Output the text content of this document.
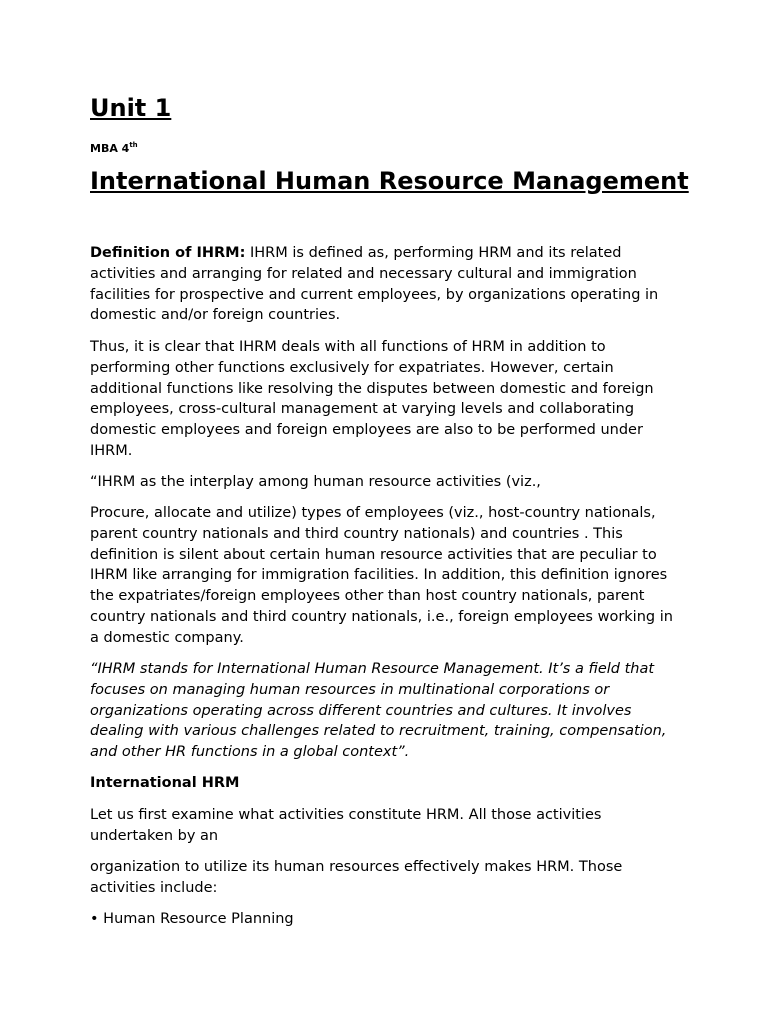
Unit 1

MBA 4th

International Human Resource Management

Definition of IHRM: IHRM is defined as, performing HRM and its related activities and arranging for related and necessary cultural and immigration facilities for prospective and current employees, by organizations operating in domestic and/or foreign countries.

Thus, it is clear that IHRM deals with all functions of HRM in addition to performing other functions exclusively for expatriates. However, certain additional functions like resolving the disputes between domestic and foreign employees, cross-cultural management at varying levels and collaborating domestic employees and foreign employees are also to be performed under IHRM.

“IHRM as the interplay among human resource activities (viz.,

Procure, allocate and utilize) types of employees (viz., host-country nationals, parent country nationals and third country nationals) and countries . This definition is silent about certain human resource activities that are peculiar to IHRM like arranging for immigration facilities. In addition, this definition ignores the expatriates/foreign employees other than host country nationals, parent country nationals and third country nationals, i.e., foreign employees working in a domestic company.

“IHRM stands for International Human Resource Management. It’s a field that focuses on managing human resources in multinational corporations or organizations operating across different countries and cultures. It involves dealing with various challenges related to recruitment, training, compensation, and other HR functions in a global context”.

International HRM

Let us first examine what activities constitute HRM. All those activities undertaken by an

organization to utilize its human resources effectively makes HRM. Those activities include:

• Human Resource Planning
